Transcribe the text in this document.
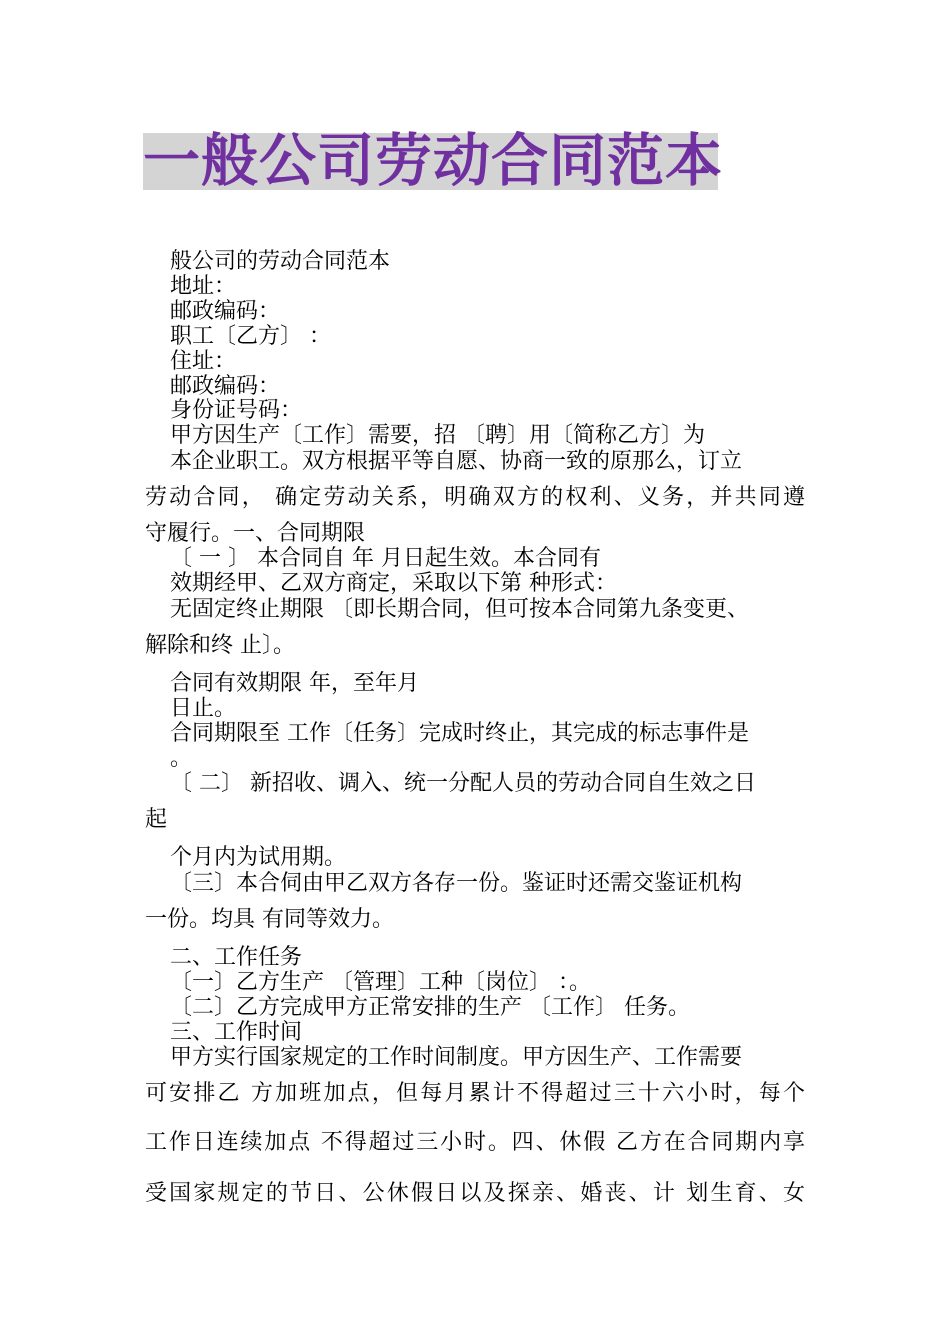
一般公司劳动合同范本
般公司的劳动合同范本
地址：
邮政编码：
职工〔乙方〕 ：
住址：
邮政编码：
身份证号码：
甲方因生产〔工作〕需要，招 〔聘〕用〔简称乙方〕为
本企业职工。双方根据平等自愿、协商一致的原那么，订立
劳动合同， 确定劳动关系，明确双方的权利、义务，并共同遵
守履行。一、合同期限
〔 一 〕 本合同自 年 月日起生效。本合同有
效期经甲、乙双方商定，采取以下第 种形式：
无固定终止期限 〔即长期合同，但可按本合同第九条变更、
解除和终 止〕。
合同有效期限 年，至年月
日止。
合同期限至 工作〔任务〕完成时终止，其完成的标志事件是
。
〔 二〕 新招收、调入、统一分配人员的劳动合同自生效之日
起
个月内为试用期。
〔三〕本合伺由甲乙双方各存一份。鉴证时还需交鉴证机构
一份。均具 有同等效力。
二、工作任务
〔一〕乙方生产 〔管理〕工种〔岗位〕 ：。
〔二〕乙方完成甲方正常安排的生产 〔工作〕 任务。
三、工作时间
甲方实行国家规定的工作时间制度。甲方因生产、工作需要
可安排乙 方加班加点，但每月累计不得超过三十六小时，每个
工作日连续加点 不得超过三小时。四、休假 乙方在合同期内享
受国家规定的节日、公休假日以及探亲、婚丧、计 划生育、女
